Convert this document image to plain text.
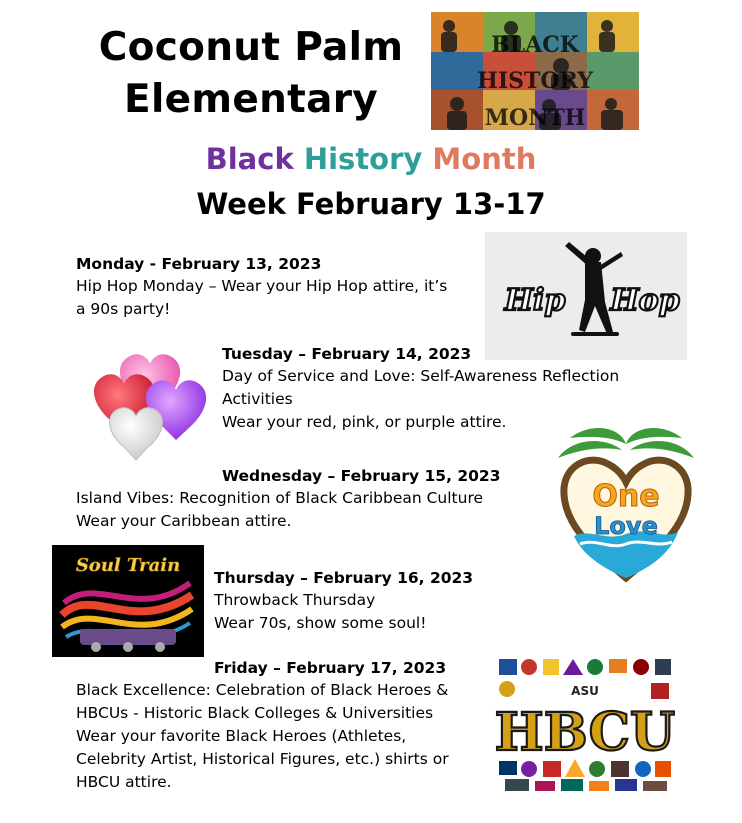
Coconut Palm
Elementary
BLACK
HISTORY
MONTH
Black History Month
Week February 13-17
Hip Hop
Monday - February 13, 2023
Hip Hop Monday – Wear your Hip Hop attire, it’s
a 90s party!
Tuesday – February 14, 2023
Day of Service and Love: Self-Awareness Reflection
Activities
Wear your red, pink, or purple attire.
One
Love
Wednesday – February 15, 2023
Island Vibes: Recognition of Black Caribbean Culture
Wear your Caribbean attire.
Soul Train
Thursday – February 16, 2023
Throwback Thursday
Wear 70s, show some soul!
ASU
HBCU
Friday – February 17, 2023
Black Excellence: Celebration of Black Heroes &
HBCUs - Historic Black Colleges & Universities
Wear your favorite Black Heroes (Athletes,
Celebrity Artist, Historical Figures, etc.) shirts or
HBCU attire.
